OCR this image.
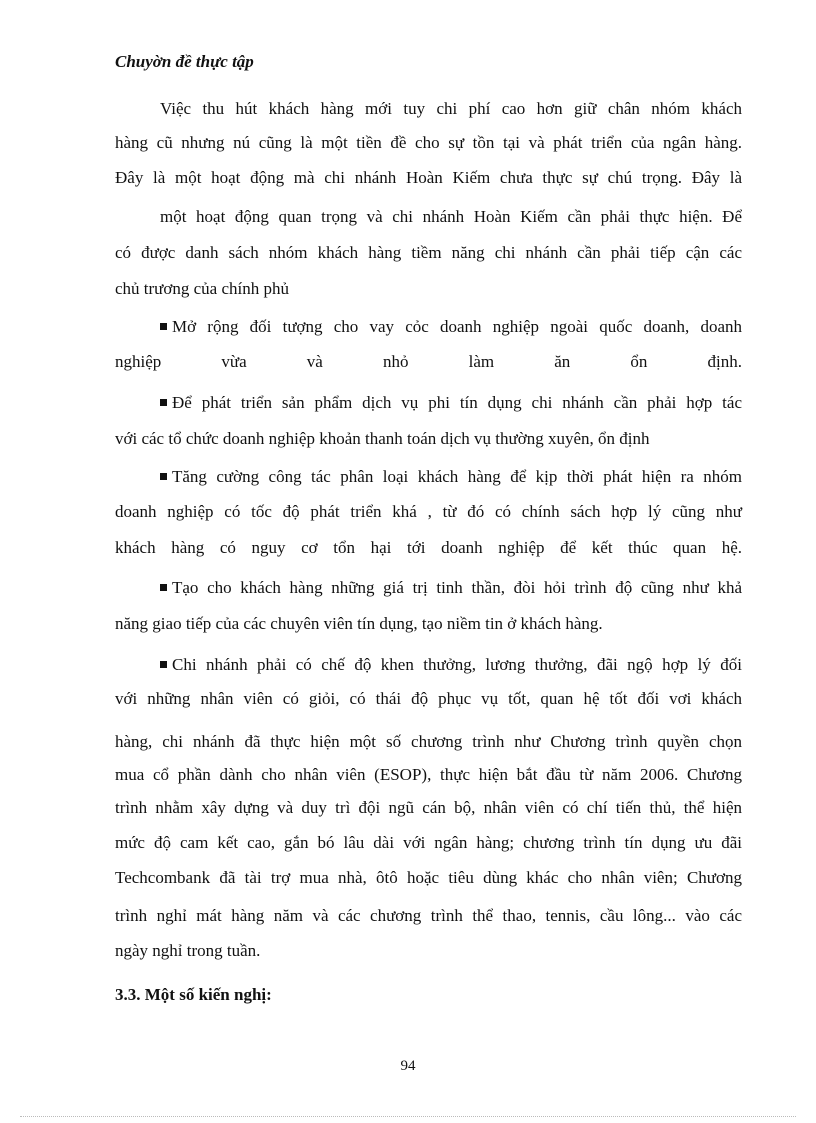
Chuyờn đề thực tập
Việc thu hút khách hàng mới tuy chi phí cao hơn giữ chân nhóm khách
hàng cũ nhưng nú cũng là một tiền đề cho sự tồn tại và phát triển của ngân hàng.
Đây là một hoạt động mà chi nhánh Hoàn Kiếm chưa thực sự chú trọng. Đây là
một hoạt động quan trọng và chi nhánh Hoàn Kiếm cần phải thực hiện. Để
có được danh sách nhóm khách hàng tiềm năng chi nhánh cần phải tiếp cận các
chủ trương của chính phủ
Mở rộng đối tượng cho vay cỏc doanh nghiệp ngoài quốc doanh, doanh
nghiệp vừa và nhỏ làm ăn ổn định.
Để phát triển sản phẩm dịch vụ phi tín dụng chi nhánh cần phải hợp tác
với các tổ chức doanh nghiệp khoản thanh toán dịch vụ thường xuyên, ổn định
Tăng cường công tác phân loại khách hàng để kịp thời phát hiện ra nhóm
doanh nghiệp có tốc độ phát triển khá , từ đó có chính sách hợp lý cũng như
khách hàng có nguy cơ tổn hại tới doanh nghiệp để kết thúc quan hệ.
Tạo cho khách hàng những giá trị tinh thần, đòi hỏi trình độ cũng như khả
năng giao tiếp của các chuyên viên tín dụng, tạo niềm tin ở khách hàng.
Chi nhánh phải có chế độ khen thưởng, lương thưởng, đãi ngộ hợp lý đối
với những nhân viên có giỏi, có thái độ phục vụ tốt, quan hệ tốt đối vơi khách
hàng, chi nhánh đã thực hiện một số chương trình như Chương trình quyền chọn
mua cổ phần dành cho nhân viên (ESOP), thực hiện bắt đầu từ năm 2006. Chương
trình nhằm xây dựng và duy trì đội ngũ cán bộ, nhân viên có chí tiến thủ, thể hiện
mức độ cam kết cao, gắn bó lâu dài với ngân hàng; chương trình tín dụng ưu đãi
Techcombank đã tài trợ mua nhà, ôtô hoặc tiêu dùng khác cho nhân viên; Chương
trình nghỉ mát hàng năm và các chương trình thể thao, tennis, cầu lông... vào các
ngày nghỉ trong tuần.
3.3. Một số kiến nghị:
94
